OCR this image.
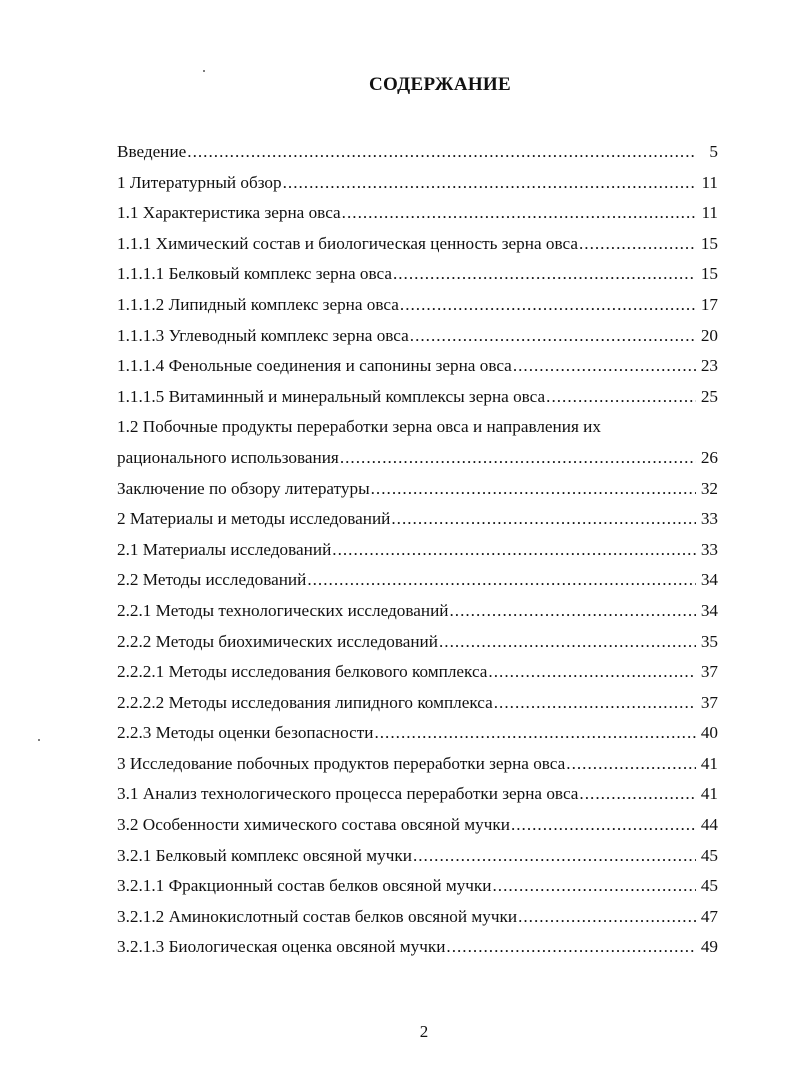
СОДЕРЖАНИЕ
Введение .....	5
1 Литературный обзор .....	11
1.1 Характеристика зерна овса .....	11
1.1.1 Химический состав и биологическая ценность зерна овса .....	15
1.1.1.1 Белковый комплекс зерна овса .....	15
1.1.1.2 Липидный комплекс зерна овса .....	17
1.1.1.3 Углеводный комплекс зерна овса .....	20
1.1.1.4 Фенольные соединения и сапонины зерна овса .....	23
1.1.1.5 Витаминный и минеральный комплексы зерна овса .....	25
1.2 Побочные продукты переработки зерна овса и направления их
рационального использования .....	26
Заключение по обзору литературы .....	32
2 Материалы и методы исследований .....	33
2.1 Материалы исследований .....	33
2.2 Методы исследований .....	34
2.2.1 Методы технологических исследований .....	34
2.2.2 Методы биохимических исследований .....	35
2.2.2.1 Методы исследования белкового комплекса .....	37
2.2.2.2 Методы исследования липидного комплекса .....	37
2.2.3 Методы оценки безопасности .....	40
3 Исследование побочных продуктов переработки зерна овса .....	41
3.1 Анализ технологического процесса переработки зерна овса .....	41
3.2 Особенности химического состава овсяной мучки .....	44
3.2.1 Белковый комплекс овсяной мучки .....	45
3.2.1.1 Фракционный состав белков овсяной мучки .....	45
3.2.1.2 Аминокислотный состав белков овсяной мучки .....	47
3.2.1.3 Биологическая оценка овсяной мучки .....	49
2
